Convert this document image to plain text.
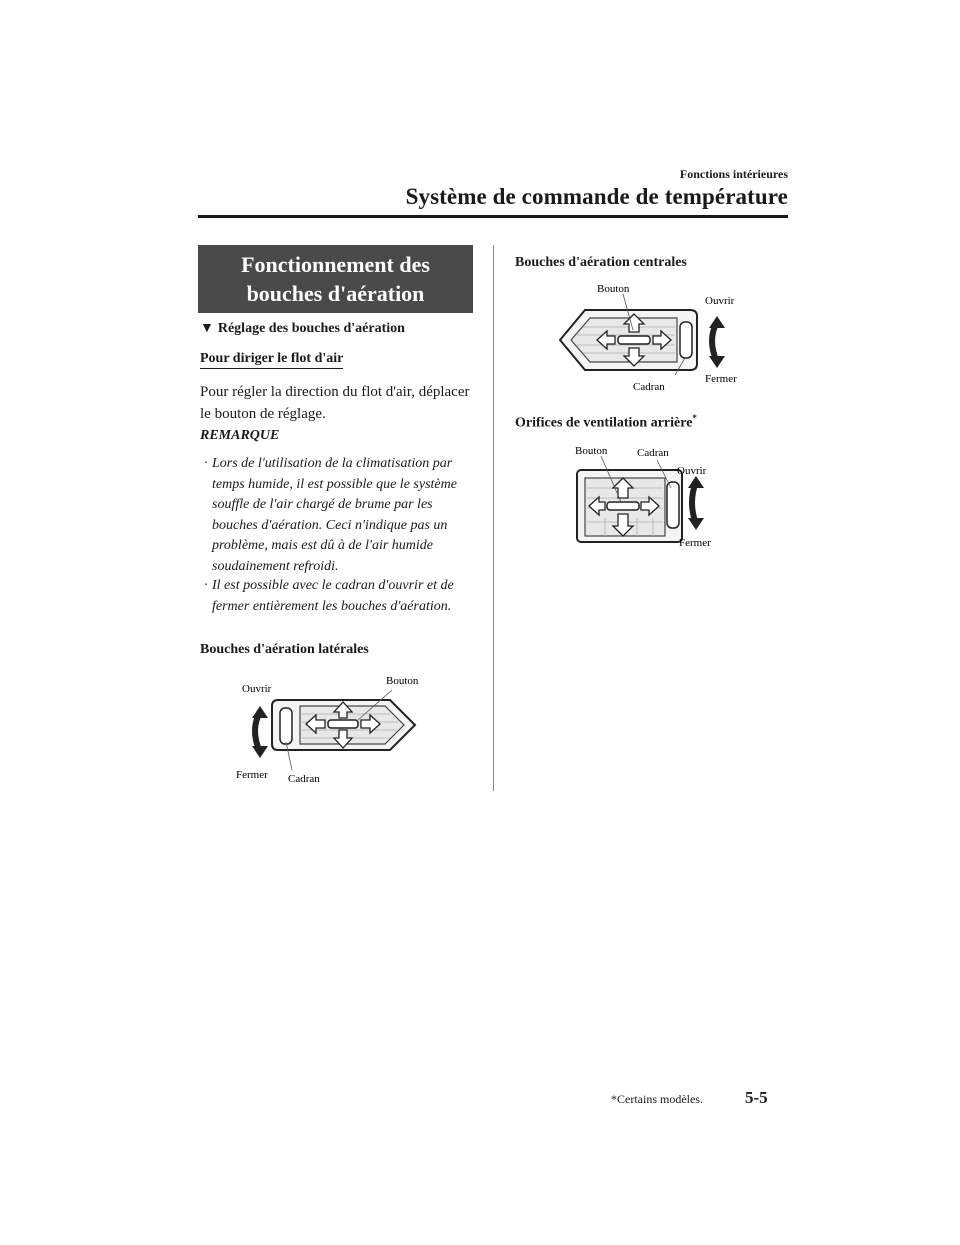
Fonctions intérieures
Système de commande de température
Fonctionnement des
bouches d'aération
▼ Réglage des bouches d'aération
Pour diriger le flot d'air
Pour régler la direction du flot d'air, déplacer le bouton de réglage.
REMARQUE
· Lors de l'utilisation de la climatisation par temps humide, il est possible que le système souffle de l'air chargé de brume par les bouches d'aération. Ceci n'indique pas un problème, mais est dû à de l'air humide soudainement refroidi.
· Il est possible avec le cadran d'ouvrir et de fermer entièrement les bouches d'aération.
Bouches d'aération latérales
Ouvrir
Fermer
Bouton
Cadran
Bouches d'aération centrales
Bouton
Ouvrir
Fermer
Cadran
Orifices de ventilation arrière*
Bouton	Cadran
Ouvrir
Fermer
*Certains modèles. 5-5
